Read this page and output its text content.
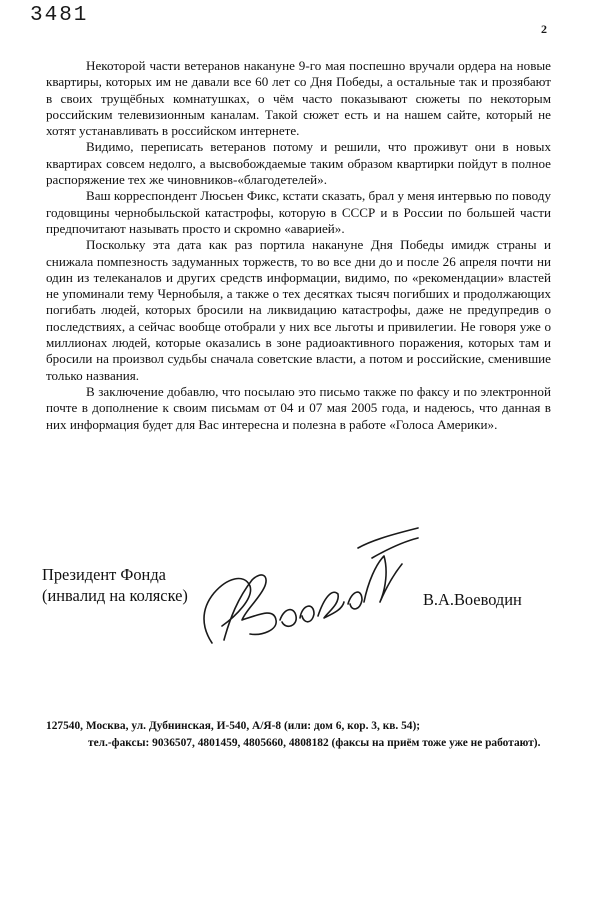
3481
2

Некоторой части ветеранов накануне 9-го мая поспешно вручали ордера на новые квартиры, которых им не давали все 60 лет со Дня Победы, а остальные так и прозябают в своих трущёбных комнатушках, о чём часто показывают сюжеты по некоторым российским телевизионным каналам. Такой сюжет есть и на нашем сайте, который не хотят устанавливать в российском интернете.

Видимо, переписать ветеранов потому и решили, что проживут они в новых квартирах совсем недолго, а высвобождаемые таким образом квартирки пойдут в полное распоряжение тех же чиновников-«благодетелей».

Ваш корреспондент Люсьен Фикс, кстати сказать, брал у меня интервью по поводу годовщины чернобыльской катастрофы, которую в СССР и в России по большей части предпочитают называть просто и скромно «аварией».

Поскольку эта дата как раз портила накануне Дня Победы имидж страны и снижала помпезность задуманных торжеств, то во все дни до и после 26 апреля почти ни один из телеканалов и других средств информации, видимо, по «рекомендации» властей не упоминали тему Чернобыля, а также о тех десятках тысяч погибших и продолжающих погибать людей, которых бросили на ликвидацию катастрофы, даже не предупредив о последствиях, а сейчас вообще отобрали у них все льготы и привилегии. Не говоря уже о миллионах людей, которые оказались в зоне радиоактивного поражения, которых там и бросили на произвол судьбы сначала советские власти, а потом и российские, сменившие только названия.

В заключение добавлю, что посылаю это письмо также по факсу и по электронной почте в дополнение к своим письмам от 04 и 07 мая 2005 года, и надеюсь, что данная в них информация будет для Вас интересна и полезна в работе «Голоса Америки».

Президент Фонда
(инвалид на коляске)	В.А.Воеводин
127540, Москва, ул. Дубнинская, И-540, А/Я-8 (или: дом 6, кор. 3, кв. 54);
тел.-факсы: 9036507, 4801459, 4805660, 4808182 (факсы на приём тоже уже не работают).
